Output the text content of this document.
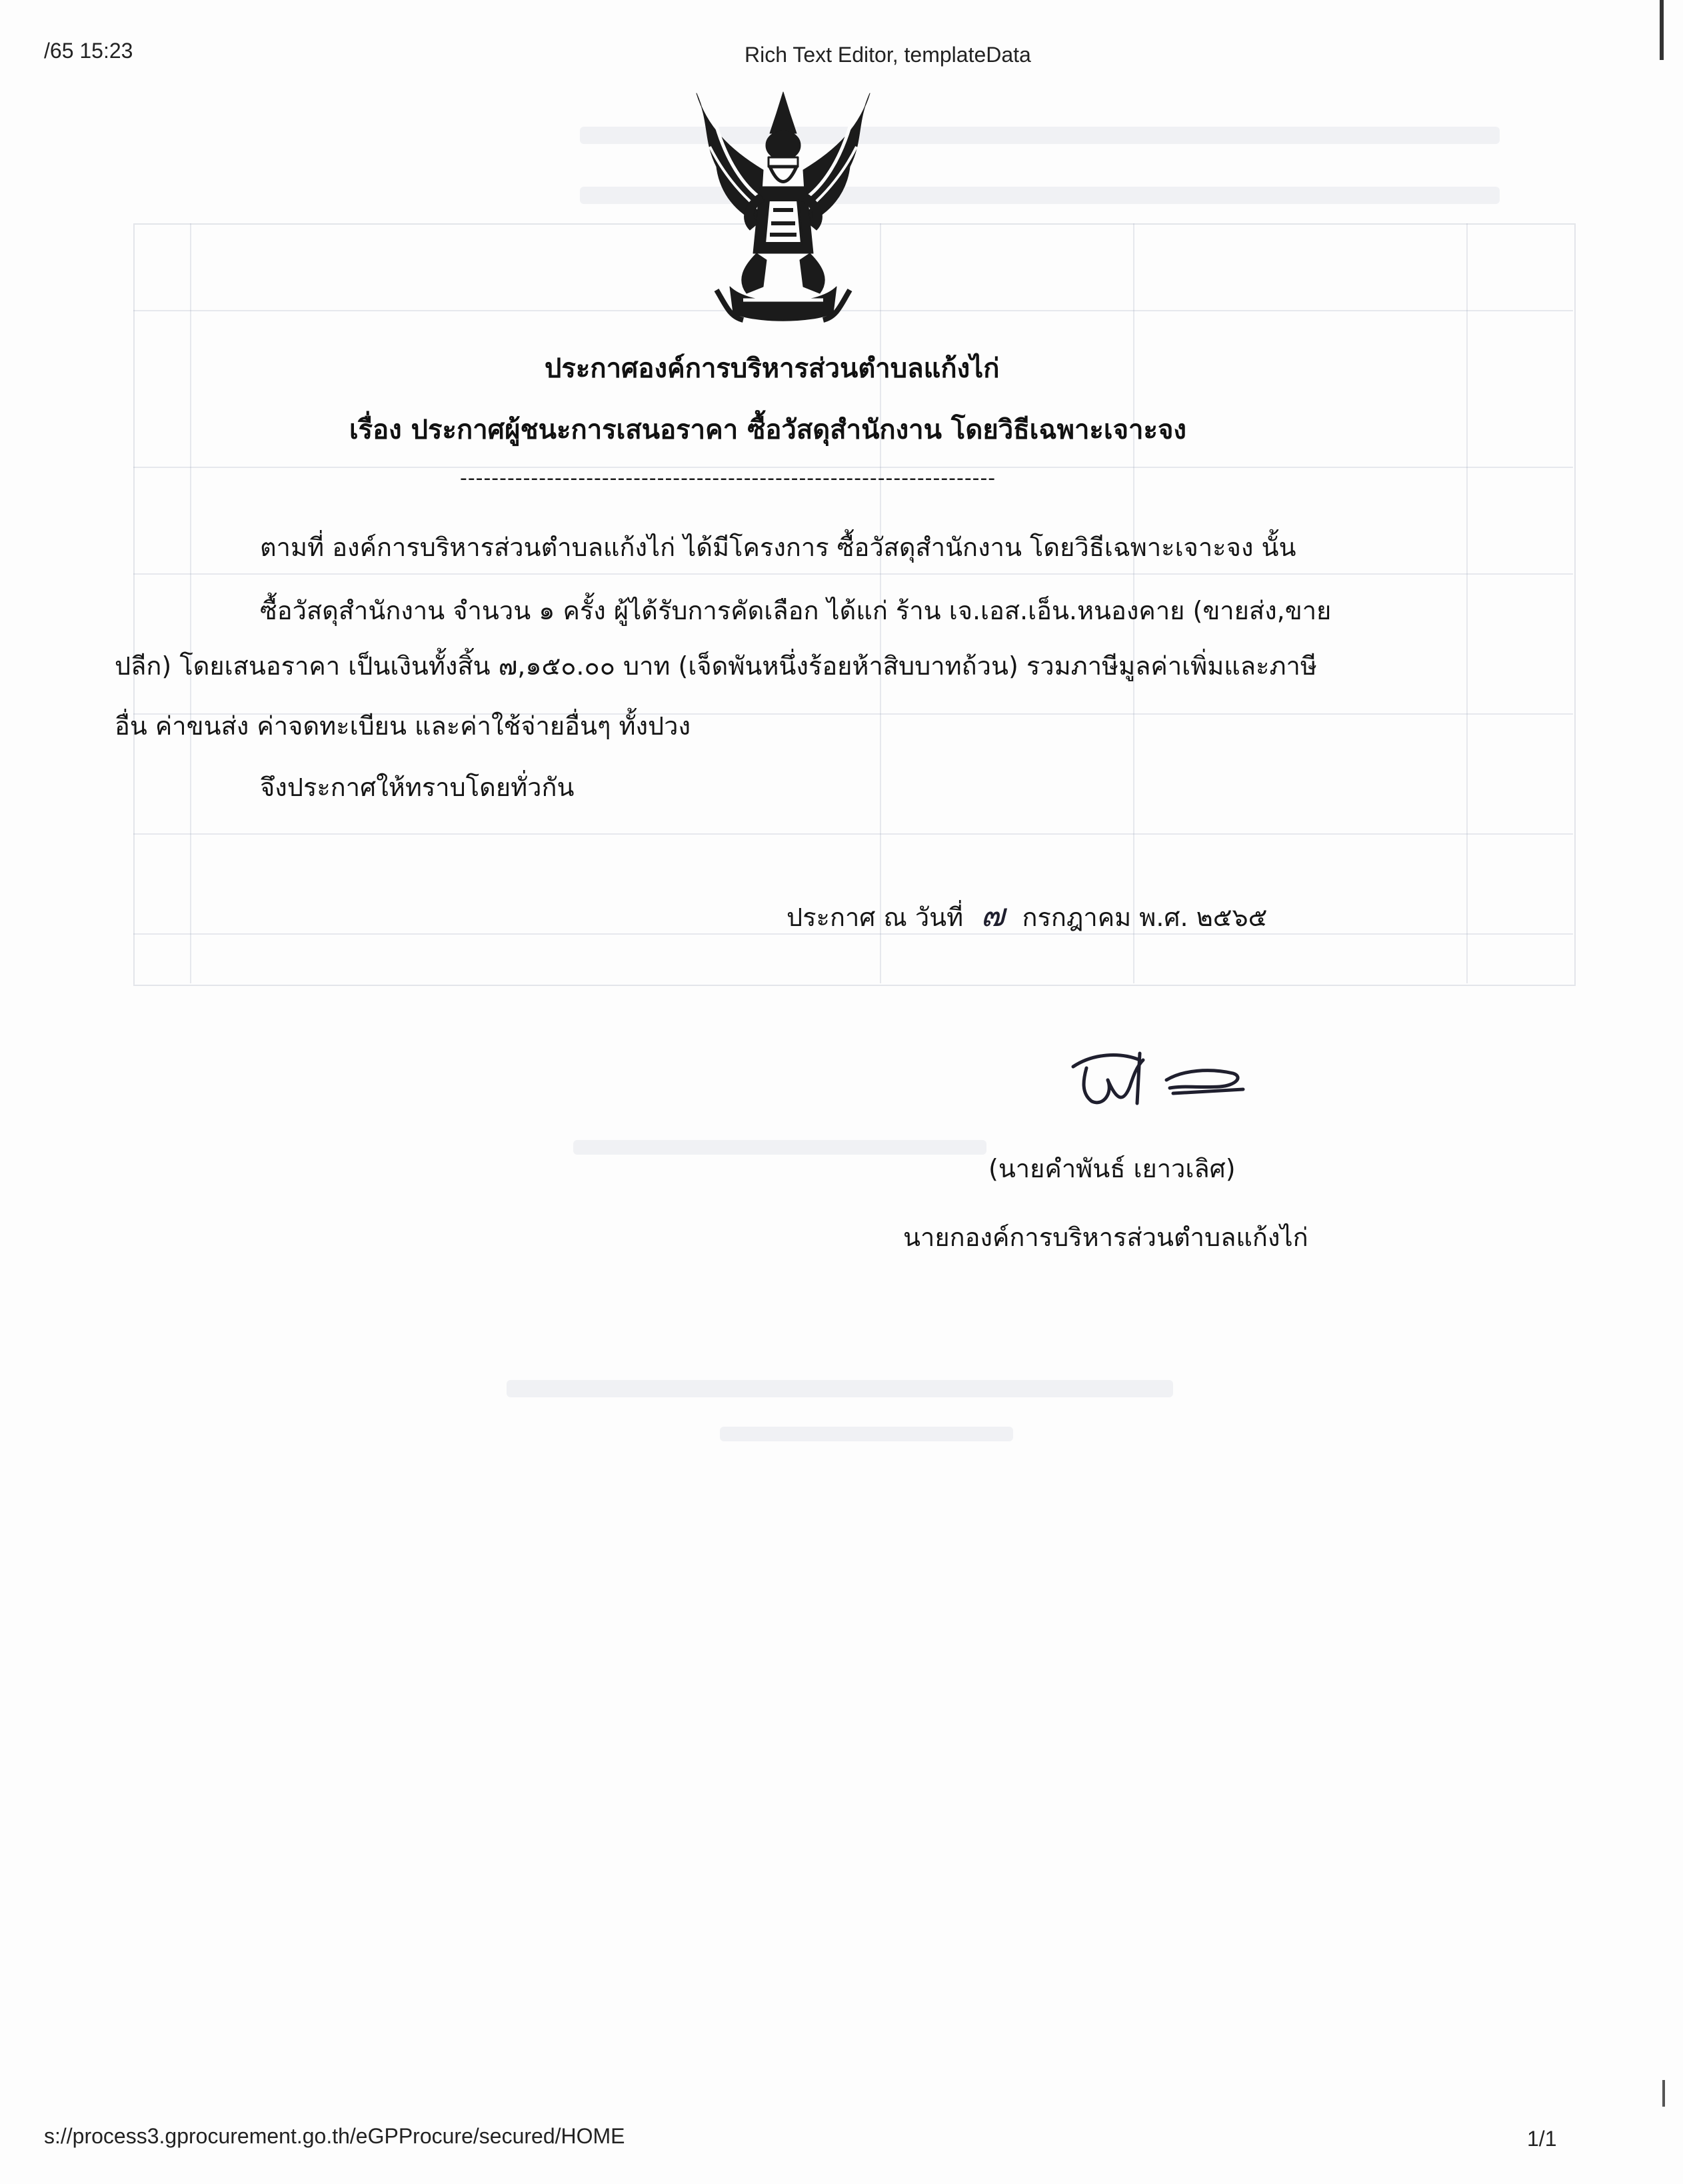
/65 15:23	Rich Text Editor, templateData
ประกาศองค์การบริหารส่วนตำบลแก้งไก่
เรื่อง ประกาศผู้ชนะการเสนอราคา ซื้อวัสดุสำนักงาน โดยวิธีเฉพาะเจาะจง
--------------------------------------------------------------------
ตามที่ องค์การบริหารส่วนตำบลแก้งไก่ ได้มีโครงการ ซื้อวัสดุสำนักงาน โดยวิธีเฉพาะเจาะจง นั้น
ซื้อวัสดุสำนักงาน จำนวน ๑ ครั้ง ผู้ได้รับการคัดเลือก ได้แก่ ร้าน เจ.เอส.เอ็น.หนองคาย (ขายส่ง,ขาย
ปลีก) โดยเสนอราคา เป็นเงินทั้งสิ้น ๗,๑๕๐.๐๐ บาท (เจ็ดพันหนึ่งร้อยห้าสิบบาทถ้วน) รวมภาษีมูลค่าเพิ่มและภาษี
อื่น ค่าขนส่ง ค่าจดทะเบียน และค่าใช้จ่ายอื่นๆ ทั้งปวง
จึงประกาศให้ทราบโดยทั่วกัน
ประกาศ ณ วันที่ ๗ กรกฎาคม พ.ศ. ๒๕๖๕
(นายคำพันธ์ เยาวเลิศ)
นายกองค์การบริหารส่วนตำบลแก้งไก่
s://process3.gprocurement.go.th/eGPProcure/secured/HOME	1/1
